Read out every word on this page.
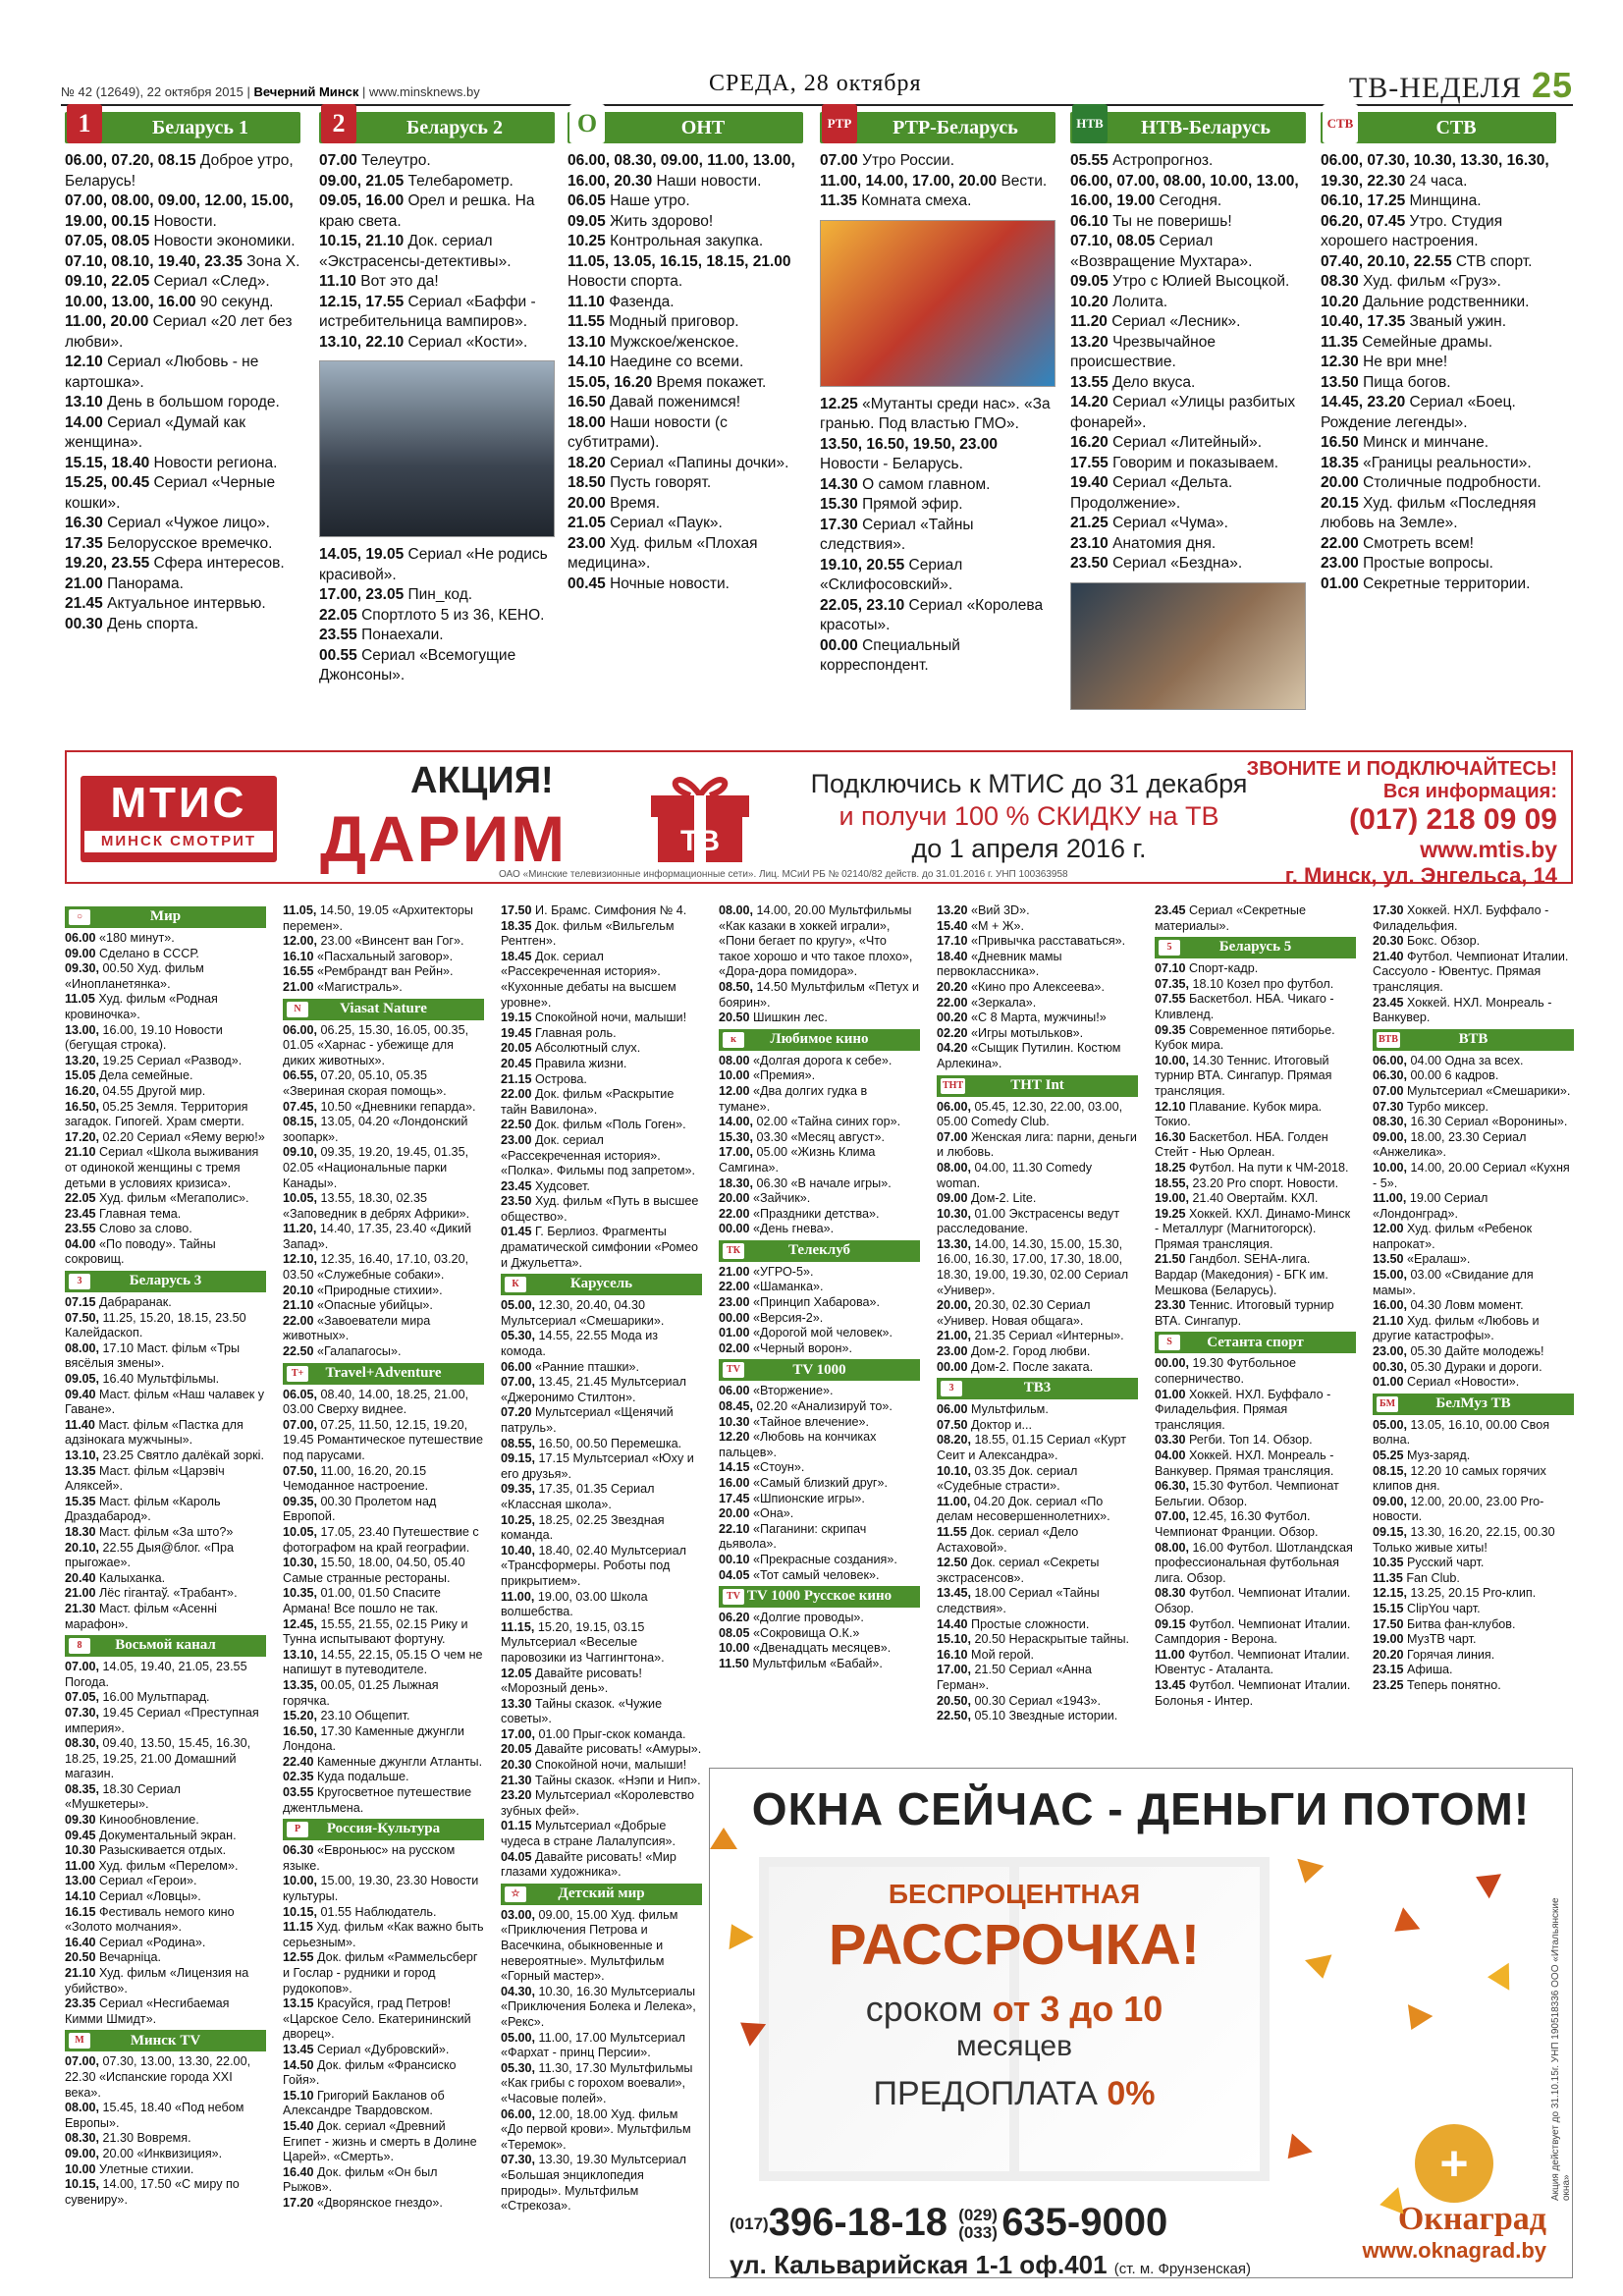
№ 42 (12649), 22 октября 2015 | Вечерний Минск | www.minsknews.by	СРЕДА, 28 октября	ТВ-НЕДЕЛЯ 25
1	Беларусь 1

06.00, 07.20, 08.15 Доброе утро, Беларусь!

07.00, 08.00, 09.00, 12.00, 15.00, 19.00, 00.15 Новости.

07.05, 08.05 Новости экономики.

07.10, 08.10, 19.40, 23.35 Зона Х.

09.10, 22.05 Сериал «След».

10.00, 13.00, 16.00 90 секунд.

11.00, 20.00 Сериал «20 лет без любви».

12.10 Сериал «Любовь - не картошка».

13.10 День в большом городе.

14.00 Сериал «Думай как женщина».

15.15, 18.40 Новости региона.

15.25, 00.45 Сериал «Черные кошки».

16.30 Сериал «Чужое лицо».

17.35 Белорусское времечко.

19.20, 23.55 Сфера интересов.

21.00 Панорама.

21.45 Актуальное интервью.

00.30 День спорта.

2	Беларусь 2

07.00 Телеутро.

09.00, 21.05 Телебарометр.

09.05, 16.00 Орел и решка. На краю света.

10.15, 21.10 Док. сериал «Экстрасенсы-детективы».

11.10 Вот это да!

12.15, 17.55 Сериал «Баффи - истребительница вампиров».

13.10, 22.10 Сериал «Кости».

14.05, 19.05 Сериал «Не родись красивой».

17.00, 23.05 Пин_код.

22.05 Спортлото 5 из 36, КЕНО.

23.55 Понаехали.

00.55 Сериал «Всемогущие Джонсоны».

О	ОНТ

06.00, 08.30, 09.00, 11.00, 13.00, 16.00, 20.30 Наши новости.

06.05 Наше утро.

09.05 Жить здорово!

10.25 Контрольная закупка.

11.05, 13.05, 16.15, 18.15, 21.00 Новости спорта.

11.10 Фазенда.

11.55 Модный приговор.

13.10 Мужское/женское.

14.10 Наедине со всеми.

15.05, 16.20 Время покажет.

16.50 Давай поженимся!

18.00 Наши новости (с субтитрами).

18.20 Сериал «Папины дочки».

18.50 Пусть говорят.

20.00 Время.

21.05 Сериал «Паук».

23.00 Худ. фильм «Плохая медицина».

00.45 Ночные новости.

РТР	РТР-Беларусь

07.00 Утро России.

11.00, 14.00, 17.00, 20.00 Вести.

11.35 Комната смеха.

12.25 «Мутанты среди нас». «За гранью. Под властью ГМО».

13.50, 16.50, 19.50, 23.00 Новости - Беларусь.

14.30 О самом главном.

15.30 Прямой эфир.

17.30 Сериал «Тайны следствия».

19.10, 20.55 Сериал «Склифосовский».

22.05, 23.10 Сериал «Королева красоты».

00.00 Специальный корреспондент.

НТВ	НТВ-Беларусь

05.55 Астропрогноз.

06.00, 07.00, 08.00, 10.00, 13.00, 16.00, 19.00 Сегодня.

06.10 Ты не поверишь!

07.10, 08.05 Сериал «Возвращение Мухтара».

09.05 Утро с Юлией Высоцкой.

10.20 Лолита.

11.20 Сериал «Лесник».

13.20 Чрезвычайное происшествие.

13.55 Дело вкуса.

14.20 Сериал «Улицы разбитых фонарей».

16.20 Сериал «Литейный».

17.55 Говорим и показываем.

19.40 Сериал «Дельта. Продолжение».

21.25 Сериал «Чума».

23.10 Анатомия дня.

23.50 Сериал «Бездна».

СТВ	СТВ

06.00, 07.30, 10.30, 13.30, 16.30, 19.30, 22.30 24 часа.

06.10, 17.25 Минщина.

06.20, 07.45 Утро. Студия хорошего настроения.

07.40, 20.10, 22.55 СТВ спорт.

08.30 Худ. фильм «Груз».

10.20 Дальние родственники.

10.40, 17.35 Званый ужин.

11.35 Семейные драмы.

12.30 Не ври мне!

13.50 Пища богов.

14.45, 23.20 Сериал «Боец. Рождение легенды».

16.50 Минск и минчане.

18.35 «Границы реальности».

20.00 Столичные подробности.

20.15 Худ. фильм «Последняя любовь на Земле».

22.00 Смотреть всем!

23.00 Простые вопросы.

01.00 Секретные территории.

МТИС
МИНСК СМОТРИТ
АКЦИЯ!
ДАРИМ	ТВ
Подключись к МТИС до 31 декабря
и получи 100 % СКИДКУ на ТВ
до 1 апреля 2016 г.
ЗВОНИТЕ И ПОДКЛЮЧАЙТЕСЬ!
Вся информация:
(017) 218 09 09
www.mtis.by
г. Минск, ул. Энгельса, 14
ОАО «Минские телевизионные информационные сети». Лиц. МСиИ РБ № 02140/82 действ. до 31.01.2016 г. УНП 100363958
○	Мир

06.00 «180 минут».

09.00 Сделано в СССР.

09.30, 00.50 Худ. фильм «Инопланетянка».

11.05 Худ. фильм «Родная кровиночка».

13.00, 16.00, 19.10 Новости (бегущая строка).

13.20, 19.25 Сериал «Развод».

15.05 Дела семейные.

16.20, 04.55 Другой мир.

16.50, 05.25 Земля. Территория загадок. Гипогей. Храм смерти.

17.20, 02.20 Сериал «Яему верю!»

21.10 Сериал «Школа выживания от одинокой женщины с тремя детьми в условиях кризиса».

22.05 Худ. фильм «Мегаполис».

23.45 Главная тема.

23.55 Слово за слово.

04.00 «По поводу». Тайны сокровищ.

3	Беларусь 3

07.15 Дабраранак.

07.50, 11.25, 15.20, 18.15, 23.50 Калейдаскоп.

08.00, 17.10 Маст. фільм «Тры вясёлыя змены».

09.05, 16.40 Мультфільмы.

09.40 Маст. фільм «Наш чалавек у Гаване».

11.40 Маст. фільм «Пастка для адзінокага мужчыны».

13.10, 23.25 Святло далёкай зоркі.

13.35 Маст. фільм «Царэвіч Аляксей».

15.35 Маст. фільм «Кароль Драздабарод».

18.30 Маст. фільм «За што?»

20.10, 22.55 Дыя@блог. «Пра прыгожае».

20.40 Калыханка.

21.00 Лёс гігантаў. «Трабант».

21.30 Маст. фільм «Асенні марафон».

8	Восьмой канал

07.00, 14.05, 19.40, 21.05, 23.55 Погода.

07.05, 16.00 Мультпарад.

07.30, 19.45 Сериал «Преступная империя».

08.30, 09.40, 13.50, 15.45, 16.30, 18.25, 19.25, 21.00 Домашний магазин.

08.35, 18.30 Сериал «Мушкетеры».

09.30 Кинообновление.

09.45 Документальный экран.

10.30 Разыскивается отдых.

11.00 Худ. фильм «Перелом».

13.00 Сериал «Герои».

14.10 Сериал «Ловцы».

16.15 Фестиваль немого кино «Золото молчания».

16.40 Сериал «Родина».

20.50 Вечарніца.

21.10 Худ. фильм «Лицензия на убийство».

23.35 Сериал «Несгибаемая Кимми Шмидт».

М	Минск TV

07.00, 07.30, 13.00, 13.30, 22.00, 22.30 «Испанские города XXI века».

08.00, 15.45, 18.40 «Под небом Европы».

08.30, 21.30 Вовремя.

09.00, 20.00 «Инквизиция».

10.00 Улетные стихии.

10.15, 14.00, 17.50 «С миру по сувениру».

11.05, 14.50, 19.05 «Архитекторы перемен».

12.00, 23.00 «Винсент ван Гог».

16.10 «Пасхальный заговор».

16.55 «Рембрандт ван Рейн».

21.00 «Магистраль».

N	Viasat Nature

06.00, 06.25, 15.30, 16.05, 00.35, 01.05 «Харнас - убежище для диких животных».

06.55, 07.20, 05.10, 05.35 «Звериная скорая помощь».

07.45, 10.50 «Дневники гепарда».

08.15, 13.05, 04.20 «Лондонский зоопарк».

09.10, 09.35, 19.20, 19.45, 01.35, 02.05 «Национальные парки Канады».

10.05, 13.55, 18.30, 02.35 «Заповедник в дебрях Африки».

11.20, 14.40, 17.35, 23.40 «Дикий Запад».

12.10, 12.35, 16.40, 17.10, 03.20, 03.50 «Служебные собаки».

20.10 «Природные стихии».

21.10 «Опасные убийцы».

22.00 «Завоеватели мира животных».

22.50 «Галапагосы».

T+	Travel+Adventure

06.05, 08.40, 14.00, 18.25, 21.00, 03.00 Сверху виднее.

07.00, 07.25, 11.50, 12.15, 19.20, 19.45 Романтическое путешествие под парусами.

07.50, 11.00, 16.20, 20.15 Чемоданное настроение.

09.35, 00.30 Пролетом над Европой.

10.05, 17.05, 23.40 Путешествие с фотографом на край географии.

10.30, 15.50, 18.00, 04.50, 05.40 Самые странные рестораны.

10.35, 01.00, 01.50 Спасите Армана! Все пошло не так.

12.45, 15.55, 21.55, 02.15 Рику и Тунна испытывают фортуну.

13.10, 14.55, 22.15, 05.15 О чем не напишут в путеводителе.

13.35, 00.05, 01.25 Лыжная горячка.

15.20, 23.10 Общепит.

16.50, 17.30 Каменные джунгли Лондона.

22.40 Каменные джунгли Атланты.

02.35 Куда подальше.

03.55 Кругосветное путешествие джентльмена.

Р	Россия-Культура

06.30 «Евроньюс» на русском языке.

10.00, 15.00, 19.30, 23.30 Новости культуры.

10.15, 01.55 Наблюдатель.

11.15 Худ. фильм «Как важно быть серьезным».

12.55 Док. фильм «Раммельсберг и Гослар - рудники и город рудокопов».

13.15 Красуйся, град Петров! «Царское Село. Екатерининский дворец».

13.45 Сериал «Дубровский».

14.50 Док. фильм «Франсиско Гойя».

15.10 Григорий Бакланов об Александре Твардовском.

15.40 Док. сериал «Древний Египет - жизнь и смерть в Долине Царей». «Смерть».

16.40 Док. фильм «Он был Рыжов».

17.20 «Дворянское гнездо».

17.50 И. Брамс. Симфония № 4.

18.35 Док. фильм «Вильгельм Рентген».

18.45 Док. сериал «Рассекреченная история». «Кухонные дебаты на высшем уровне».

19.15 Спокойной ночи, малыши!

19.45 Главная роль.

20.05 Абсолютный слух.

20.45 Правила жизни.

21.15 Острова.

22.00 Док. фильм «Раскрытие тайн Вавилона».

22.50 Док. фильм «Поль Гоген».

23.00 Док. сериал «Рассекреченная история». «Полка». Фильмы под запретом».

23.45 Худсовет.

23.50 Худ. фильм «Путь в высшее общество».

01.45 Г. Берлиоз. Фрагменты драматической симфонии «Ромео и Джульетта».

К	Карусель

05.00, 12.30, 20.40, 04.30 Мультсериал «Смешарики».

05.30, 14.55, 22.55 Мода из комода.

06.00 «Ранние пташки».

07.00, 13.45, 21.45 Мультсериал «Джеронимо Стилтон».

07.20 Мультсериал «Щенячий патруль».

08.55, 16.50, 00.50 Перемешка.

09.15, 17.15 Мультсериал «Юху и его друзья».

09.35, 17.35, 01.35 Сериал «Классная школа».

10.25, 18.25, 02.25 Звездная команда.

10.40, 18.40, 02.40 Мультсериал «Трансформеры. Роботы под прикрытием».

11.00, 19.00, 03.00 Школа волшебства.

11.15, 15.20, 19.15, 03.15 Мультсериал «Веселые паровозики из Чаггингтона».

12.05 Давайте рисовать! «Морозный день».

13.30 Тайны сказок. «Чужие советы».

17.00, 01.00 Прыг-скок команда.

20.05 Давайте рисовать! «Амуры».

20.30 Спокойной ночи, малыши!

21.30 Тайны сказок. «Нэпи и Нип».

23.20 Мультсериал «Королевство зубных фей».

01.15 Мультсериал «Добрые чудеса в стране Лалалупсия».

04.05 Давайте рисовать! «Мир глазами художника».

☆	Детский мир

03.00, 09.00, 15.00 Худ. фильм «Приключения Петрова и Васечкина, обыкновенные и невероятные». Мультфильм «Горный мастер».

04.30, 10.30, 16.30 Мультсериалы «Приключения Болека и Лелека», «Рекс».

05.00, 11.00, 17.00 Мультсериал «Фархат - принц Персии».

05.30, 11.30, 17.30 Мультфильмы «Как грибы с горохом воевали», «Часовые полей».

06.00, 12.00, 18.00 Худ. фильм «До первой крови». Мультфильм «Теремок».

07.30, 13.30, 19.30 Мультсериал «Большая энциклопедия природы». Мультфильм «Стрекоза».

08.00, 14.00, 20.00 Мультфильмы «Как казаки в хоккей играли», «Пони бегает по кругу», «Что такое хорошо и что такое плохо», «Дора-дора помидора».

08.50, 14.50 Мультфильм «Петух и боярин».

20.50 Шишкин лес.

к	Любимое кино

08.00 «Долгая дорога к себе».

10.00 «Премия».

12.00 «Два долгих гудка в тумане».

14.00, 02.00 «Тайна синих гор».

15.30, 03.30 «Месяц август».

17.00, 05.00 «Жизнь Клима Самгина».

18.30, 06.30 «В начале игры».

20.00 «Зайчик».

22.00 «Праздники детства».

00.00 «День гнева».

ТК	Телеклуб

21.00 «УГРО-5».

22.00 «Шаманка».

23.00 «Принцип Хабарова».

00.00 «Версия-2».

01.00 «Дорогой мой человек».

02.00 «Черный ворон».

TV	TV 1000

06.00 «Вторжение».

08.45, 02.20 «Анализируй то».

10.30 «Тайное влечение».

12.20 «Любовь на кончиках пальцев».

14.15 «Стоун».

16.00 «Самый близкий друг».

17.45 «Шпионские игры».

20.00 «Она».

22.10 «Паганини: скрипач дьявола».

00.10 «Прекрасные создания».

04.05 «Тот самый человек».

TV TV 1000 Русское кино

06.20 «Долгие проводы».

08.05 «Сокровища О.К.»

10.00 «Двенадцать месяцев».

11.50 Мультфильм «Бабай».

13.20 «Вий 3D».

15.40 «М + Ж».

17.10 «Привычка расставаться».

18.40 «Дневник мамы первоклассника».

20.20 «Кино про Алексеева».

22.00 «Зеркала».

00.20 «С 8 Марта, мужчины!»

02.20 «Игры мотыльков».

04.20 «Сыщик Путилин. Костюм Арлекина».

ТНТ	ТНТ Int

06.00, 05.45, 12.30, 22.00, 03.00, 05.00 Comedy Club.

07.00 Женская лига: парни, деньги и любовь.

08.00, 04.00, 11.30 Comedy woman.

09.00 Дом-2. Lite.

10.30, 01.00 Экстрасенсы ведут расследование.

13.30, 14.00, 14.30, 15.00, 15.30, 16.00, 16.30, 17.00, 17.30, 18.00, 18.30, 19.00, 19.30, 02.00 Сериал «Универ».

20.00, 20.30, 02.30 Сериал «Универ. Новая общага».

21.00, 21.35 Сериал «Интерны».

23.00 Дом-2. Город любви.

00.00 Дом-2. После заката.

3	ТВ3

06.00 Мультфильм.

07.50 Доктор и...

08.20, 18.55, 01.15 Сериал «Курт Сеит и Александра».

10.10, 03.35 Док. сериал «Судебные страсти».

11.00, 04.20 Док. сериал «По делам несовершеннолетних».

11.55 Док. сериал «Дело Астаховой».

12.50 Док. сериал «Секреты экстрасенсов».

13.45, 18.00 Сериал «Тайны следствия».

14.40 Простые сложности.

15.10, 20.50 Нераскрытые тайны.

16.10 Мой герой.

17.00, 21.50 Сериал «Анна Герман».

20.50, 00.30 Сериал «1943».

22.50, 05.10 Звездные истории.

23.45 Сериал «Секретные материалы».

5	Беларусь 5

07.10 Спорт-кадр.

07.35, 18.10 Козел про футбол.

07.55 Баскетбол. НБА. Чикаго - Кливленд.

09.35 Современное пятиборье. Кубок мира.

10.00, 14.30 Теннис. Итоговый турнир ВТА. Сингапур. Прямая трансляция.

12.10 Плавание. Кубок мира. Токио.

16.30 Баскетбол. НБА. Голден Стейт - Нью Орлеан.

18.25 Футбол. На пути к ЧМ-2018.

18.55, 23.20 Pro спорт. Новости.

19.00, 21.40 Овертайм. КХЛ.

19.25 Хоккей. КХЛ. Динамо-Минск - Металлург (Магнитогорск). Прямая трансляция.

21.50 Гандбол. SEHA-лига. Вардар (Македония) - БГК им. Мешкова (Беларусь).

23.30 Теннис. Итоговый турнир ВТА. Сингапур.

S	Сетанта спорт

00.00, 19.30 Футбольное соперничество.

01.00 Хоккей. НХЛ. Буффало - Филадельфия. Прямая трансляция.

03.30 Регби. Топ 14. Обзор.

04.00 Хоккей. НХЛ. Монреаль - Ванкувер. Прямая трансляция.

06.30, 15.30 Футбол. Чемпионат Бельгии. Обзор.

07.00, 12.45, 16.30 Футбол. Чемпионат Франции. Обзор.

08.00, 16.00 Футбол. Шотландская профессиональная футбольная лига. Обзор.

08.30 Футбол. Чемпионат Италии. Обзор.

09.15 Футбол. Чемпионат Италии. Сампдория - Верона.

11.00 Футбол. Чемпионат Италии. Ювентус - Аталанта.

13.45 Футбол. Чемпионат Италии. Болонья - Интер.

17.30 Хоккей. НХЛ. Буффало - Филадельфия.

20.30 Бокс. Обзор.

21.40 Футбол. Чемпионат Италии. Сассуоло - Ювентус. Прямая трансляция.

23.45 Хоккей. НХЛ. Монреаль - Ванкувер.

ВТВ	ВТВ

06.00, 04.00 Одна за всех.

06.30, 00.00 6 кадров.

07.00 Мультсериал «Смешарики».

07.30 Турбо миксер.

08.30, 16.30 Сериал «Воронины».

09.00, 18.00, 23.30 Сериал «Анжелика».

10.00, 14.00, 20.00 Сериал «Кухня - 5».

11.00, 19.00 Сериал «Лондонград».

12.00 Худ. фильм «Ребенок напрокат».

13.50 «Ералаш».

15.00, 03.00 «Свидание для мамы».

16.00, 04.30 Ловм момент.

21.10 Худ. фильм «Любовь и другие катастрофы».

23.00, 05.30 Дайте молодежь!

00.30, 05.30 Дураки и дороги.

01.00 Сериал «Новости».

БМ	БелМуз ТВ

05.00, 13.05, 16.10, 00.00 Своя волна.

05.25 Муз-заряд.

08.15, 12.20 10 самых горячих клипов дня.

09.00, 12.00, 20.00, 23.00 Pro-новости.

09.15, 13.30, 16.20, 22.15, 00.30 Только живые хиты!

10.35 Русский чарт.

11.35 Fan Club.

12.15, 13.25, 20.15 Pro-клип.

15.15 ClipYou чарт.

17.50 Битва фан-клубов.

19.00 МузТВ чарт.

20.20 Горячая линия.

23.15 Афиша.

23.25 Теперь понятно.

ОКНА СЕЙЧАС - ДЕНЬГИ ПОТОМ!
БЕСПРОЦЕНТНАЯ
РАССРОЧКА!
сроком от 3 до 10
месяцев
ПРЕДОПЛАТА 0%
+
(017)396-18-18 (029) (033) 635-9000
ул. Кальварийская 1-1 оф.401 (ст. м. Фрунзенская)
Окнаград
www.oknagrad.by
Акция действует до 31.10.15г. УНП 190518336 ООО «Итальянские окна»
